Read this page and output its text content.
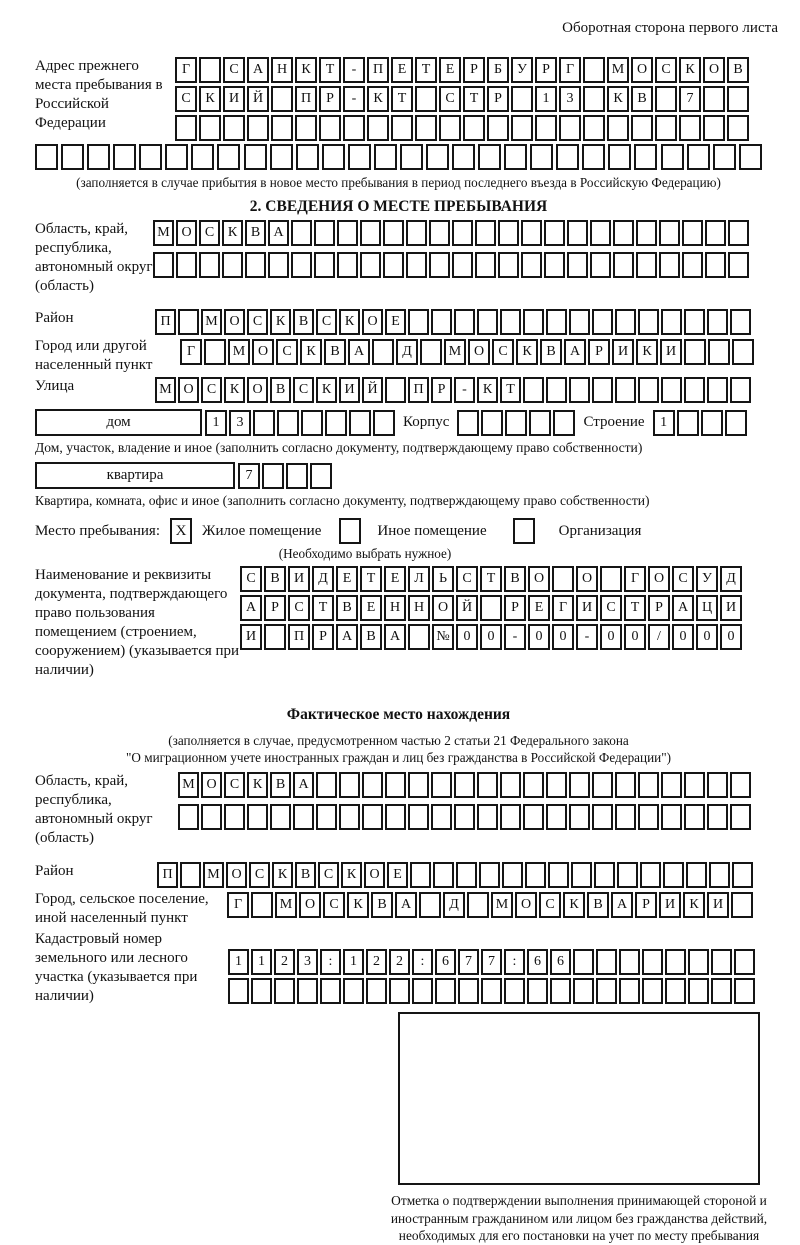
Оборотная сторона первого листа
Адрес прежнего места пребывания в Российской Федерации
Г	С	А Н	К	Т	-	П	Е	Т	Е	Р	Б	У	Р	Г	М О	С	К	О	В
С	К	И Й	П	Р	-	К	Т	С	Т	Р	1	3	К	В	7
(заполняется в случае прибытия в новое место пребывания в период последнего въезда в Российскую Федерацию)
2. СВЕДЕНИЯ О МЕСТЕ ПРЕБЫВАНИЯ
Область, край, республика, автономный округ (область)
М О С К В А
Район	П	М О С К В С К О Е
Город или другой населенный пункт
Г	М О	С	К	В	А	Д	М О	С	К	В	А	Р	И	К	И
Улица	М О С К О В С К И Й	П	Р	-	К	Т
дом	1	3	Корпус	Строение	1
Дом, участок, владение и иное (заполнить согласно документу, подтверждающему право собственности)
квартира	7
Квартира, комната, офис и иное (заполнить согласно документу, подтверждающему право собственности)
Место пребывания:	X	Жилое помещение	Иное помещение	Организация
(Необходимо выбрать нужное)
Наименование и реквизиты документа, подтверждающего право пользования помещением (строением, сооружением) (указывается при наличии)
С	В	И	Д	Е	Т	Е	Л	Ь	С	Т	В	О	О	Г	О	С	У	Д
А	Р	С	Т	В	Е	Н Н О Й	Р	Е	Г	И	С	Т	Р	А Ц И
И	П	Р	А	В	А	№ 0	0	-	0	0	-	0	0	/	0	0	0
Фактическое место нахождения
(заполняется в случае, предусмотренном частью 2 статьи 21 Федерального закона
"О миграционном учете иностранных граждан и лиц без гражданства в Российской Федерации")
Область, край, республика, автономный округ (область)
М О С К В А
Район	П	М О С К В С К О Е
Город, сельское поселение, иной населенный пункт
Г	М О	С	К	В	А	Д	М О	С	К	В	А	Р	И	К	И
Кадастровый номер земельного или лесного участка (указывается при наличии)
1	1	2	3	:	1	2	2	:	6	7	7	:	6	6
Отметка о подтверждении выполнения принимающей стороной и иностранным гражданином или лицом без гражданства действий, необходимых для его постановки на учет по месту пребывания
